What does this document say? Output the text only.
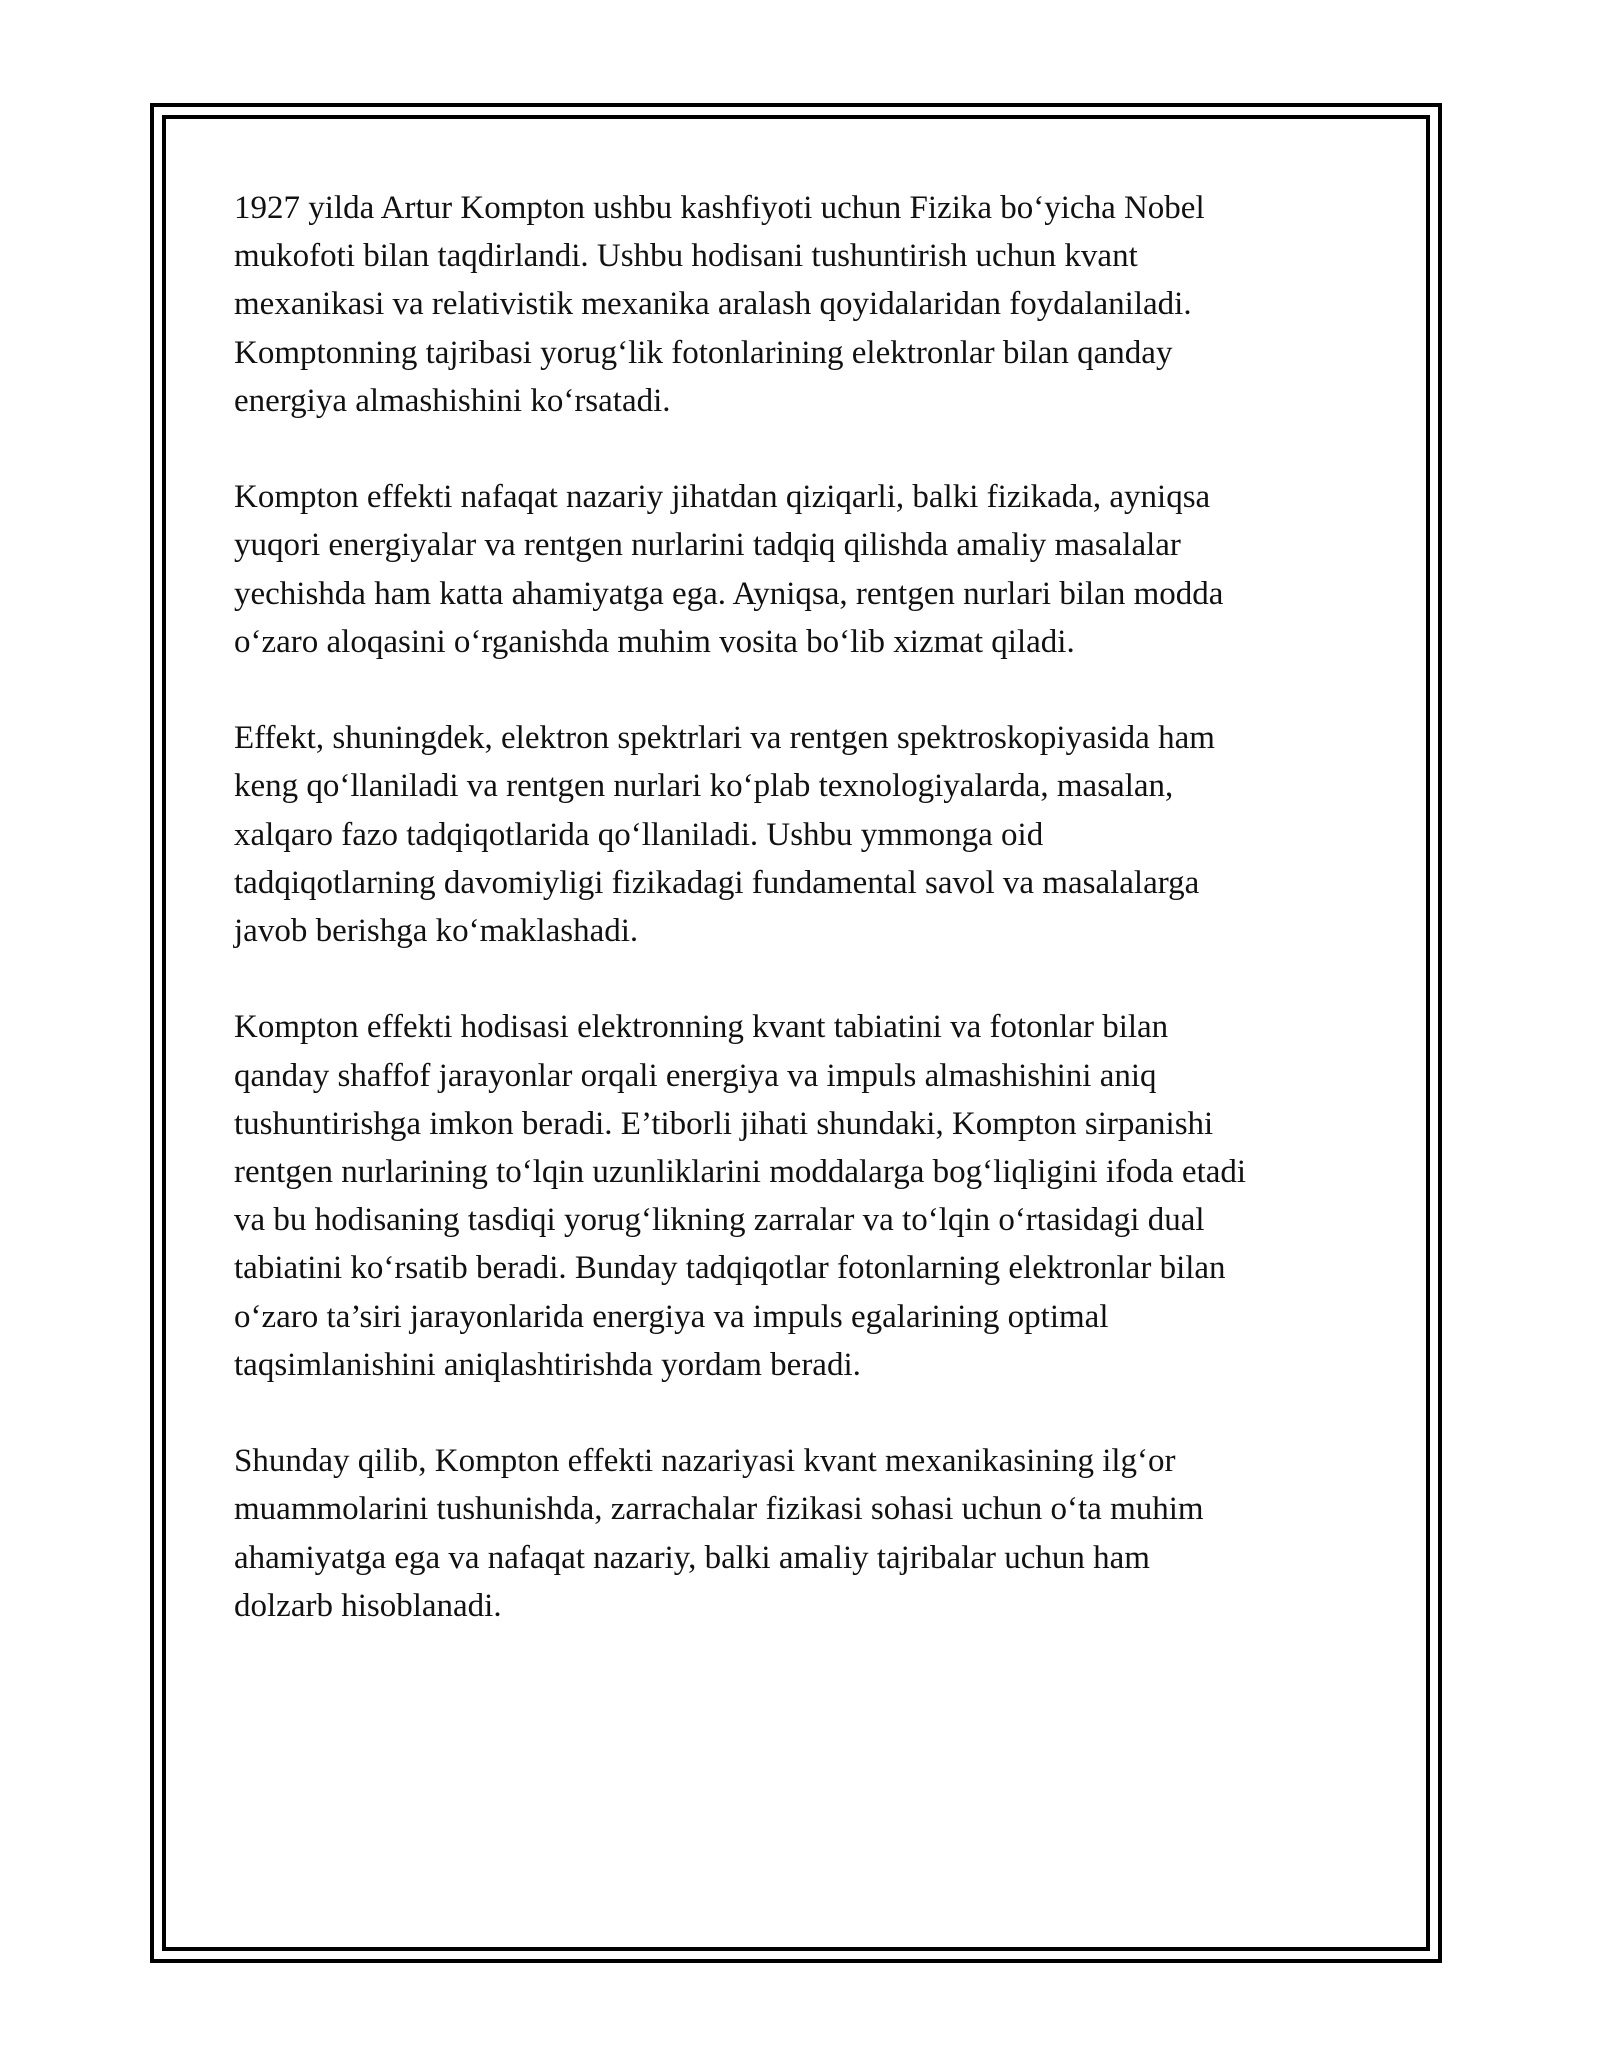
1927 yilda Artur Kompton ushbu kashfiyoti uchun Fizika bo‘yicha Nobel
mukofoti bilan taqdirlandi. Ushbu hodisani tushuntirish uchun kvant
mexanikasi va relativistik mexanika aralash qoyidalaridan foydalaniladi.
Komptonning tajribasi yorug‘lik fotonlarining elektronlar bilan qanday
energiya almashishini ko‘rsatadi.

Kompton effekti nafaqat nazariy jihatdan qiziqarli, balki fizikada, ayniqsa
yuqori energiyalar va rentgen nurlarini tadqiq qilishda amaliy masalalar
yechishda ham katta ahamiyatga ega. Ayniqsa, rentgen nurlari bilan modda
o‘zaro aloqasini o‘rganishda muhim vosita bo‘lib xizmat qiladi.

Effekt, shuningdek, elektron spektrlari va rentgen spektroskopiyasida ham
keng qo‘llaniladi va rentgen nurlari ko‘plab texnologiyalarda, masalan,
xalqaro fazo tadqiqotlarida qo‘llaniladi. Ushbu ymmonga oid
tadqiqotlarning davomiyligi fizikadagi fundamental savol va masalalarga
javob berishga ko‘maklashadi.

Kompton effekti hodisasi elektronning kvant tabiatini va fotonlar bilan
qanday shaffof jarayonlar orqali energiya va impuls almashishini aniq
tushuntirishga imkon beradi. E’tiborli jihati shundaki, Kompton sirpanishi
rentgen nurlarining to‘lqin uzunliklarini moddalarga bog‘liqligini ifoda etadi
va bu hodisaning tasdiqi yorug‘likning zarralar va to‘lqin o‘rtasidagi dual
tabiatini ko‘rsatib beradi. Bunday tadqiqotlar fotonlarning elektronlar bilan
o‘zaro ta’siri jarayonlarida energiya va impuls egalarining optimal
taqsimlanishini aniqlashtirishda yordam beradi.

Shunday qilib, Kompton effekti nazariyasi kvant mexanikasining ilg‘or
muammolarini tushunishda, zarrachalar fizikasi sohasi uchun o‘ta muhim
ahamiyatga ega va nafaqat nazariy, balki amaliy tajribalar uchun ham
dolzarb hisoblanadi.
